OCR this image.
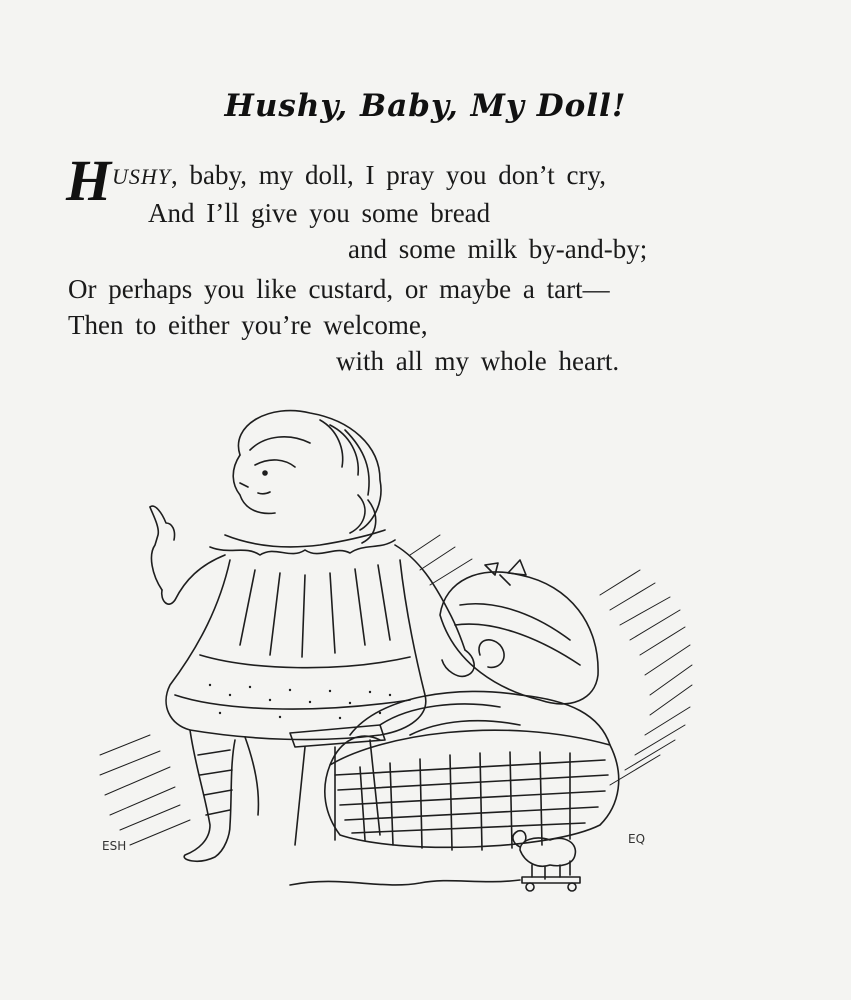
Hushy, Baby, My Doll!
H USHY, baby, my doll, I pray you don’t cry,
And I’ll give you some bread
and some milk by-and-by;
Or perhaps you like custard, or maybe a tart—
Then to either you’re welcome,
with all my whole heart.
ESH	EQ
